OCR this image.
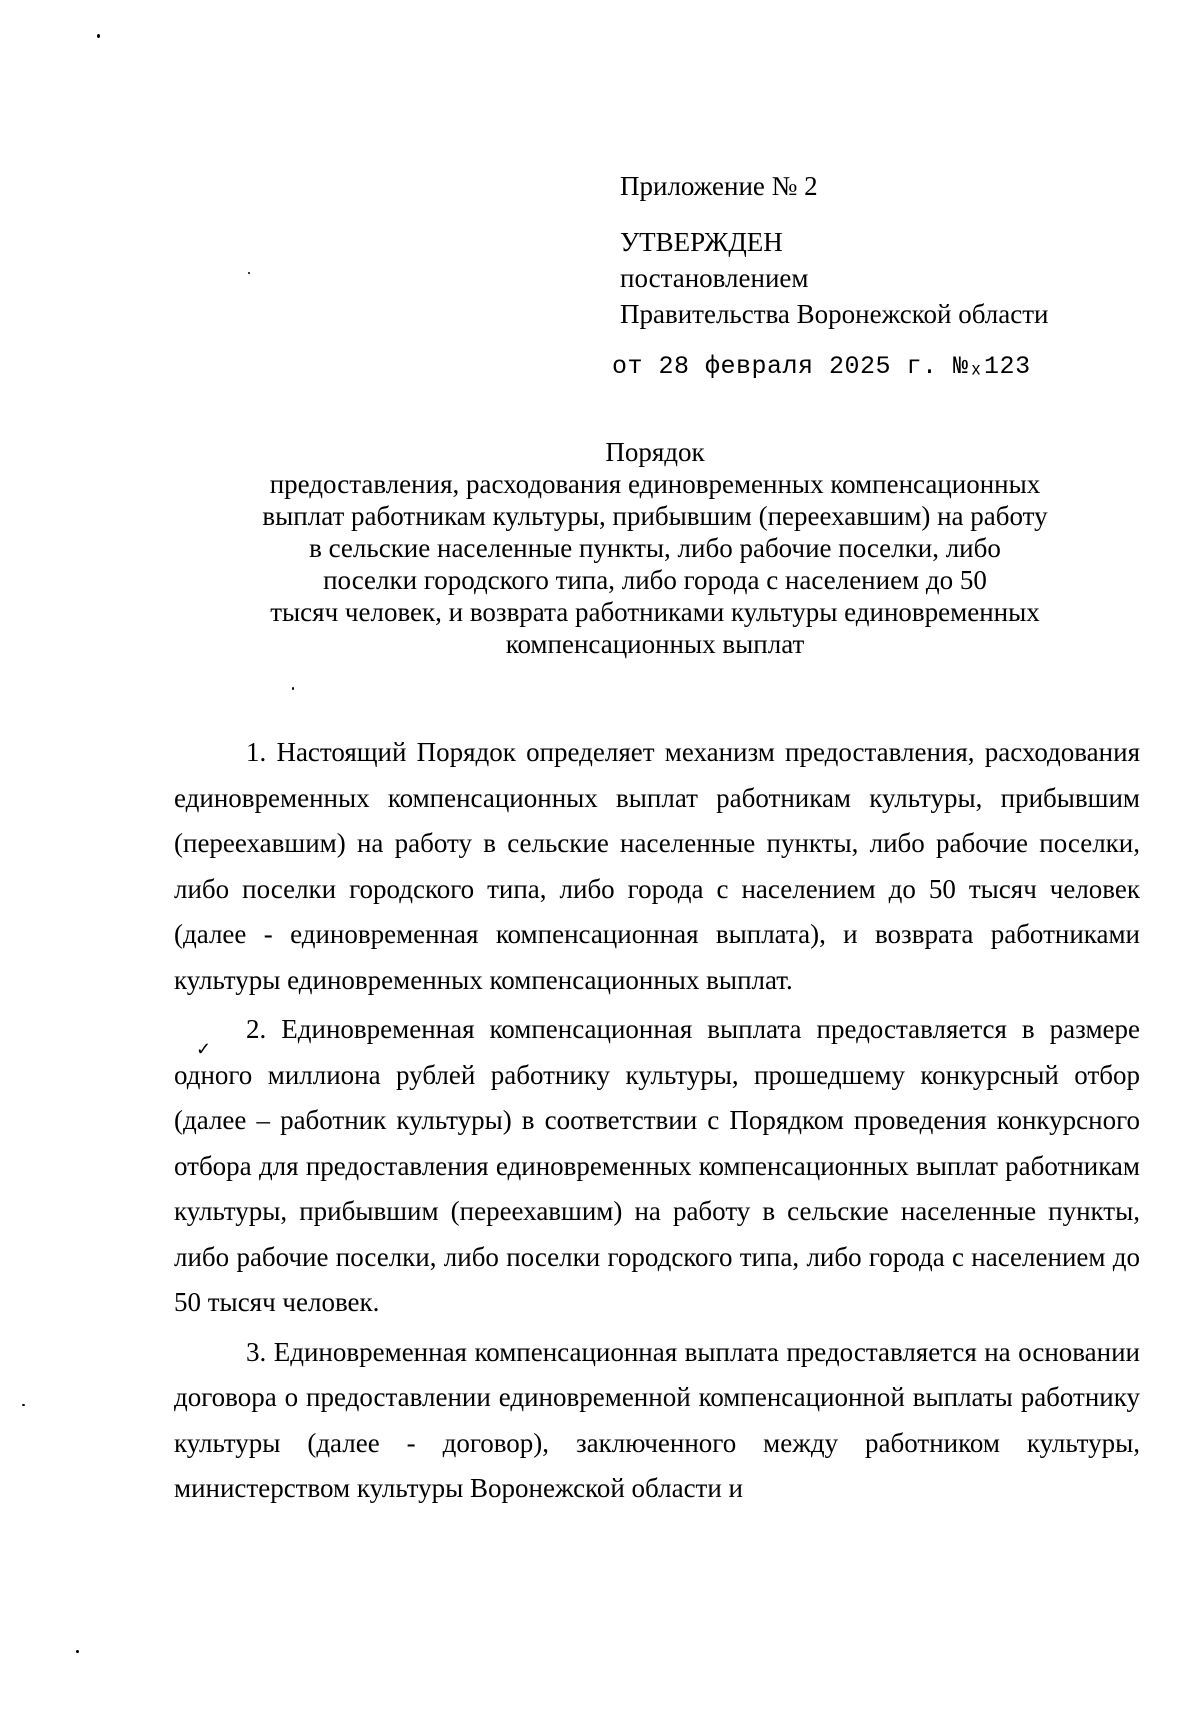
✓
Приложение № 2
УТВЕРЖДЕН
постановлением
Правительства Воронежской области
от 28 февраля 2025 г. №ₓ123
Порядок
предоставления, расходования единовременных компенсационных
выплат работникам культуры, прибывшим (переехавшим) на работу
в сельские населенные пункты, либо рабочие поселки, либо
поселки городского типа, либо города с населением до 50
тысяч человек, и возврата работниками культуры единовременных
компенсационных выплат

1. Настоящий Порядок определяет механизм предоставления, расходования единовременных компенсационных выплат работникам культуры, прибывшим (переехавшим) на работу в сельские населенные пункты, либо рабочие поселки, либо поселки городского типа, либо города с населением до 50 тысяч человек (далее - единовременная компенсационная выплата), и возврата работниками культуры единовременных компенсационных выплат.

2. Единовременная компенсационная выплата предоставляется в размере одного миллиона рублей работнику культуры, прошедшему конкурсный отбор (далее – работник культуры) в соответствии с Порядком проведения конкурсного отбора для предоставления единовременных компенсационных выплат работникам культуры, прибывшим (переехавшим) на работу в сельские населенные пункты, либо рабочие поселки, либо поселки городского типа, либо города с населением до 50 тысяч человек.

3. Единовременная компенсационная выплата предоставляется на основании договора о предоставлении единовременной компенсационной выплаты работнику культуры (далее - договор), заключенного между работником культуры, министерством культуры Воронежской области и
